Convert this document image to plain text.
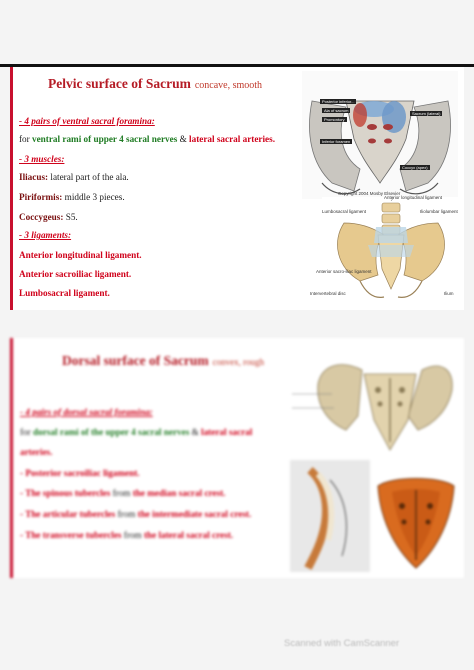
Pelvic surface of Sacrum concave, smooth
- 4 pairs of ventral sacral foramina:
for ventral rami of upper 4 sacral nerves & lateral sacral arteries.
- 3 muscles:
Iliacus: lateral part of the ala.
Piriformis: middle 3 pieces.
Coccygeus: S5.
- 3 ligaments:
Anterior longitudinal ligament.
Anterior sacroiliac ligament.
Lumbosacral ligament.
Posterior inferior...
Ala of sacrum
Promontory
Sacrum (lateral)
Inferior foramen
Coccyx (apex)
Copyright 2004 Mosby Elsevier
Anterior longitudinal ligament
Lumbosacral ligament	Iliolumbar ligament
Anterior sacro-iliac ligament
Intervertebral disc	Ilium
Dorsal surface of Sacrum convex, rough
- 4 pairs of dorsal sacral foramina:
for dorsal rami of the upper 4 sacral nerves & lateral sacral
arteries.
- Posterior sacroiliac ligament.
- The spinous tubercles from the median sacral crest.
- The articular tubercles from the intermediate sacral crest.
- The transverse tubercles from the lateral sacral crest.
Scanned with CamScanner
